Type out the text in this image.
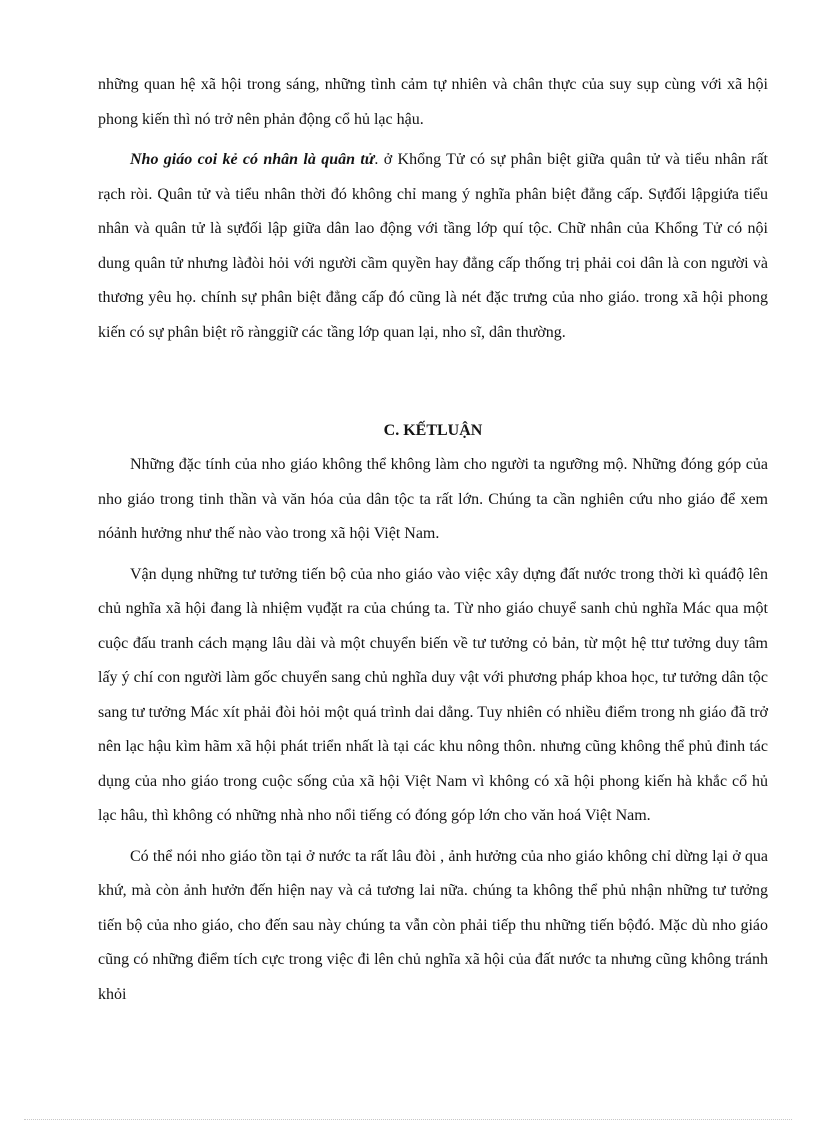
những quan hệ xã hội trong sáng, những tình cảm tự nhiên và chân thực của suy sụp cùng với xã hội phong kiến thì nó trở nên phản động cổ hủ lạc hậu.

Nho giáo coi kẻ có nhân là quân tử. ở Khổng Tử có sự phân biệt giữa quân tử và tiểu nhân rất rạch ròi. Quân tử và tiểu nhân thời đó không chỉ mang ý nghĩa phân biệt đẳng cấp. Sựđối lậpgiứa tiểu nhân và quân tử là sựđối lập giữa dân lao động với tầng lớp quí tộc. Chữ nhân của Khổng Tử có nội dung quân tử nhưng làđòi hỏi với người cầm quyền hay đẳng cấp thống trị phải coi dân là con người và thương yêu họ. chính sự phân biệt đẳng cấp đó cũng là nét đặc trưng của nho giáo. trong xã hội phong kiến có sự phân biệt rõ rànggiữ các tầng lớp quan lại, nho sĩ, dân thường.

C. KẾTLUẬN

Những đặc tính của nho giáo không thể không làm cho người ta ngưỡng mộ. Những đóng góp của nho giáo trong tinh thần và văn hóa của dân tộc ta rất lớn. Chúng ta cần nghiên cứu nho giáo để xem nóảnh hưởng như thế nào vào trong xã hội Việt Nam.

Vận dụng những tư tưởng tiến bộ của nho giáo vào việc xây dựng đất nước trong thời kì quáđộ lên chủ nghĩa xã hội đang là nhiệm vụđặt ra của chúng ta. Từ nho giáo chuyể sanh chủ nghĩa Mác qua một cuộc đấu tranh cách mạng lâu dài và một chuyển biến về tư tưởng cỏ bản, từ một hệ ttư tưởng duy tâm lấy ý chí con người làm gốc chuyển sang chủ nghĩa duy vật với phương pháp khoa học, tư tưởng dân tộc sang tư tưởng Mác xít phải đòi hỏi một quá trình dai dẳng. Tuy nhiên có nhiều điểm trong nh giáo đã trở nên lạc hậu kìm hãm xã hội phát triển nhất là tại các khu nông thôn. nhưng cũng không thể phủ đinh tác dụng của nho giáo trong cuộc sống của xã hội Việt Nam vì không có xã hội phong kiến hà khắc cổ hủ lạc hâu, thì không có những nhà nho nổi tiếng có đóng góp lớn cho văn hoá Việt Nam.

Có thể nói nho giáo tồn tại ở nước ta rất lâu đòi , ảnh hưởng của nho giáo không chỉ dừng lại ở qua khứ, mà còn ảnh hưởn đến hiện nay và cả tương lai nữa. chúng ta không thể phủ nhận những tư tưởng tiến bộ của nho giáo, cho đến sau này chúng ta vẫn còn phải tiếp thu những tiến bộđó. Mặc dù nho giáo cũng có những điểm tích cực trong việc đi lên chủ nghĩa xã hội của đất nước ta nhưng cũng không tránh khỏi
